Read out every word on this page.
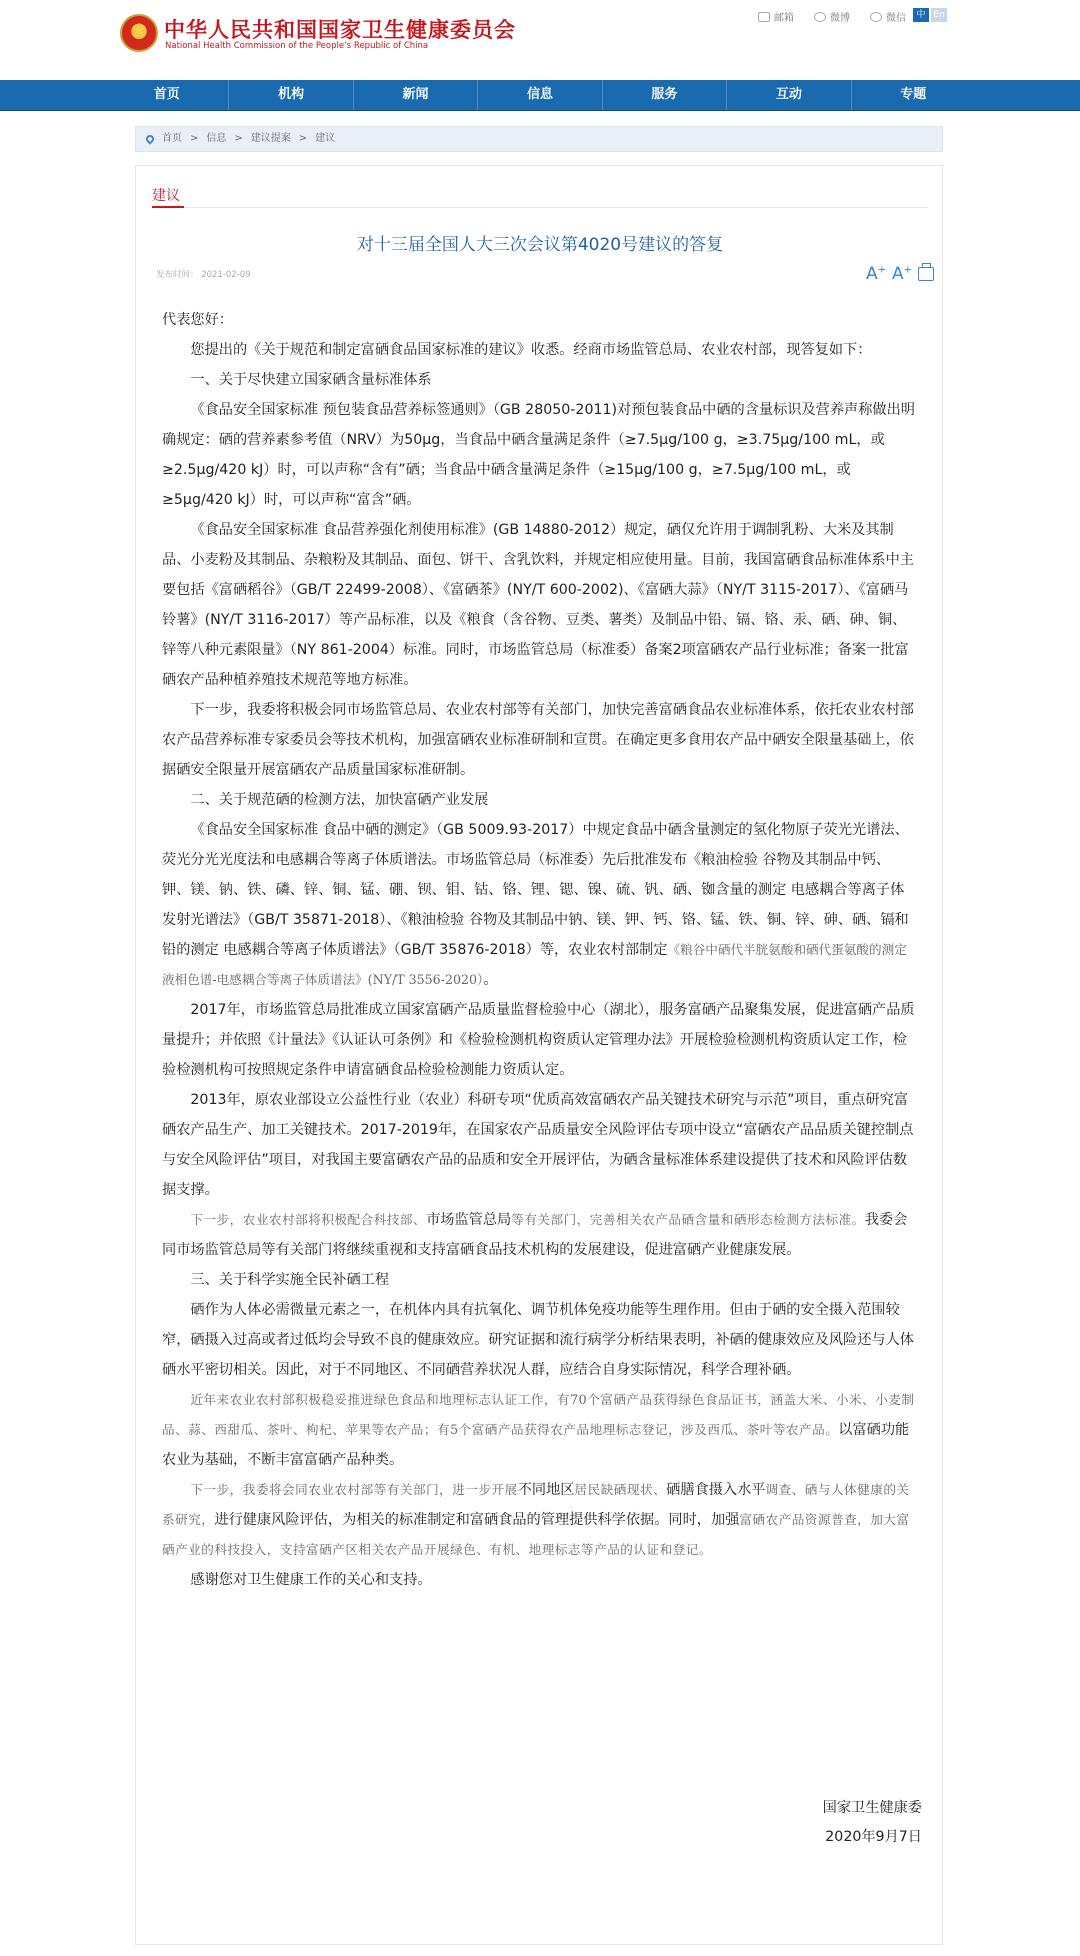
★ 中华人民共和国国家卫生健康委员会
National Health Commission of the People’s Republic of China
邮箱	微博	微信	中 En
首页	机构	新闻	信息	服务	互动	专题
首页 > 信息 > 建议提案 > 建议
建议
对十三届全国人大三次会议第4020号建议的答复
发布时间： 2021-02-09	A+ A+

代表您好：

您提出的《关于规范和制定富硒食品国家标准的建议》收悉。经商市场监管总局、农业农村部，现答复如下：

一、关于尽快建立国家硒含量标准体系

《食品安全国家标准 预包装食品营养标签通则》（GB 28050-2011)对预包装食品中硒的含量标识及营养声称做出明确规定：硒的营养素参考值（NRV）为50μg，当食品中硒含量满足条件（≥7.5μg/100 g，≥3.75μg/100 mL，或≥2.5μg/420 kJ）时，可以声称“含有”硒；当食品中硒含量满足条件（≥15μg/100 g，≥7.5μg/100 mL，或≥5μg/420 kJ）时，可以声称“富含”硒。

《食品安全国家标准 食品营养强化剂使用标准》(GB 14880-2012）规定，硒仅允许用于调制乳粉、大米及其制品、小麦粉及其制品、杂粮粉及其制品、面包、饼干、含乳饮料，并规定相应使用量。目前，我国富硒食品标准体系中主要包括《富硒稻谷》（GB/T 22499-2008）、《富硒茶》(NY/T 600-2002)、《富硒大蒜》（NY/T 3115-2017）、《富硒马铃薯》(NY/T 3116-2017）等产品标准，以及《粮食（含谷物、豆类、薯类）及制品中铅、镉、铬、汞、硒、砷、铜、锌等八种元素限量》（NY 861-2004）标准。同时，市场监管总局（标准委）备案2项富硒农产品行业标准；备案一批富硒农产品种植养殖技术规范等地方标准。

下一步，我委将积极会同市场监管总局、农业农村部等有关部门，加快完善富硒食品农业标准体系，依托农业农村部农产品营养标准专家委员会等技术机构，加强富硒农业标准研制和宣贯。在确定更多食用农产品中硒安全限量基础上，依据硒安全限量开展富硒农产品质量国家标准研制。

二、关于规范硒的检测方法，加快富硒产业发展

《食品安全国家标准 食品中硒的测定》（GB 5009.93-2017）中规定食品中硒含量测定的氢化物原子荧光光谱法、荧光分光光度法和电感耦合等离子体质谱法。市场监管总局（标准委）先后批准发布《粮油检验 谷物及其制品中钙、钾、镁、钠、铁、磷、锌、铜、锰、硼、钡、钼、钴、铬、锂、锶、镍、硫、钒、硒、铷含量的测定 电感耦合等离子体发射光谱法》（GB/T 35871-2018）、《粮油检验 谷物及其制品中钠、镁、钾、钙、铬、锰、铁、铜、锌、砷、硒、镉和铅的测定 电感耦合等离子体质谱法》（GB/T 35876-2018）等，农业农村部制定《粮谷中硒代半胱氨酸和硒代蛋氨酸的测定 液相色谱-电感耦合等离子体质谱法》(NY/T 3556-2020）。

2017年，市场监管总局批准成立国家富硒产品质量监督检验中心（湖北），服务富硒产品聚集发展，促进富硒产品质量提升；并依照《计量法》《认证认可条例》和《检验检测机构资质认定管理办法》开展检验检测机构资质认定工作，检验检测机构可按照规定条件申请富硒食品检验检测能力资质认定。

2013年，原农业部设立公益性行业（农业）科研专项“优质高效富硒农产品关键技术研究与示范”项目，重点研究富硒农产品生产、加工关键技术。2017-2019年，在国家农产品质量安全风险评估专项中设立“富硒农产品品质关键控制点与安全风险评估”项目，对我国主要富硒农产品的品质和安全开展评估，为硒含量标准体系建设提供了技术和风险评估数据支撑。

下一步，农业农村部将积极配合科技部、市场监管总局等有关部门，完善相关农产品硒含量和硒形态检测方法标准。我委会同市场监管总局等有关部门将继续重视和支持富硒食品技术机构的发展建设，促进富硒产业健康发展。

三、关于科学实施全民补硒工程

硒作为人体必需微量元素之一，在机体内具有抗氧化、调节机体免疫功能等生理作用。但由于硒的安全摄入范围较窄，硒摄入过高或者过低均会导致不良的健康效应。研究证据和流行病学分析结果表明，补硒的健康效应及风险还与人体硒水平密切相关。因此，对于不同地区、不同硒营养状况人群，应结合自身实际情况，科学合理补硒。

近年来农业农村部积极稳妥推进绿色食品和地理标志认证工作，有70个富硒产品获得绿色食品证书，涵盖大米、小米、小麦制品、蒜、西甜瓜、茶叶、枸杞、苹果等农产品；有5个富硒产品获得农产品地理标志登记，涉及西瓜、茶叶等农产品。以富硒功能农业为基础，不断丰富富硒产品种类。

下一步，我委将会同农业农村部等有关部门，进一步开展不同地区居民缺硒现状、硒膳食摄入水平调查、硒与人体健康的关系研究，进行健康风险评估，为相关的标准制定和富硒食品的管理提供科学依据。同时，加强富硒农产品资源普查，加大富硒产业的科技投入，支持富硒产区相关农产品开展绿色、有机、地理标志等产品的认证和登记。

感谢您对卫生健康工作的关心和支持。

国家卫生健康委
2020年9月7日
